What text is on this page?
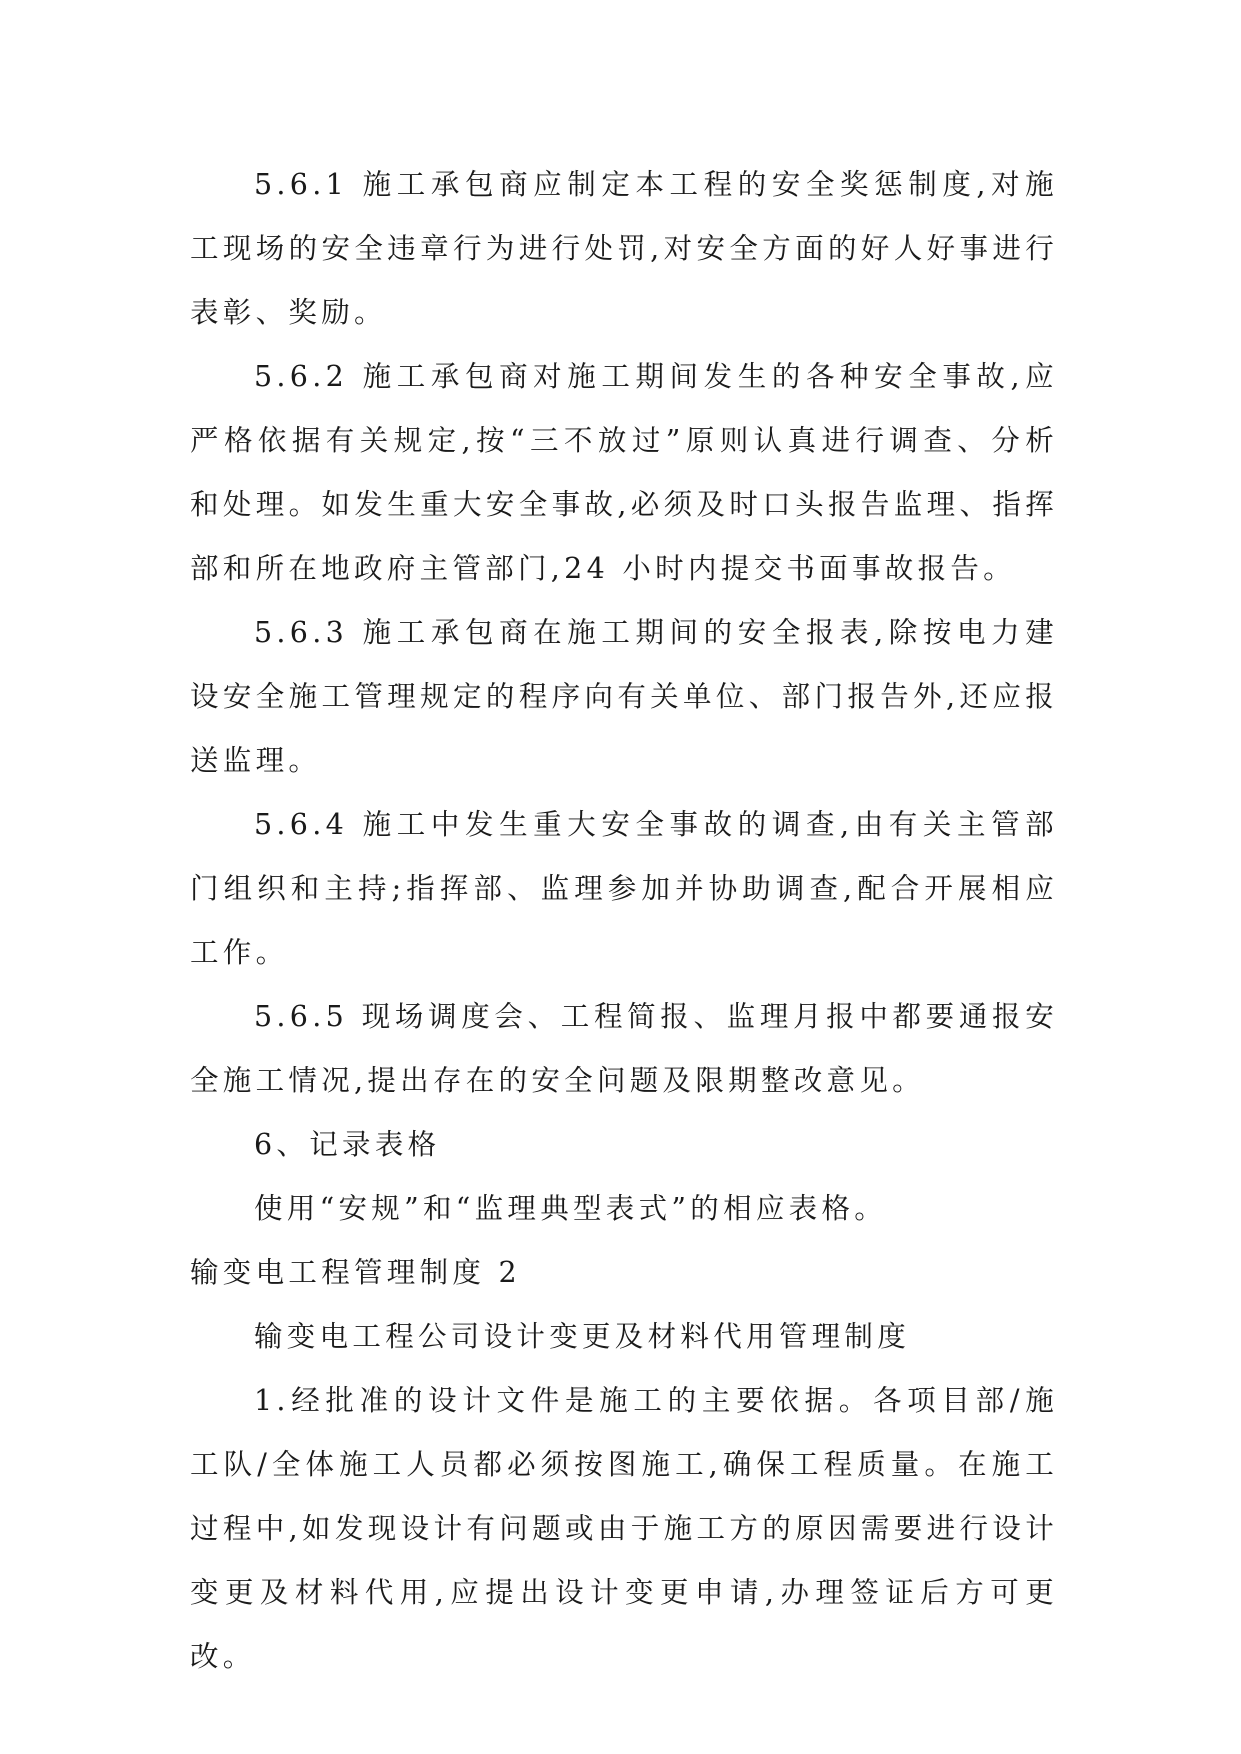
5.6.1 施工承包商应制定本工程的安全奖惩制度,对施工现场的安全违章行为进行处罚,对安全方面的好人好事进行表彰、奖励。

5.6.2 施工承包商对施工期间发生的各种安全事故,应严格依据有关规定,按“三不放过”原则认真进行调查、分析和处理。如发生重大安全事故,必须及时口头报告监理、指挥部和所在地政府主管部门,24 小时内提交书面事故报告。

5.6.3 施工承包商在施工期间的安全报表,除按电力建设安全施工管理规定的程序向有关单位、部门报告外,还应报送监理。

5.6.4 施工中发生重大安全事故的调查,由有关主管部门组织和主持;指挥部、监理参加并协助调查,配合开展相应工作。

5.6.5 现场调度会、工程简报、监理月报中都要通报安全施工情况,提出存在的安全问题及限期整改意见。

6、记录表格

使用“安规”和“监理典型表式”的相应表格。

输变电工程管理制度 2

输变电工程公司设计变更及材料代用管理制度

1.经批准的设计文件是施工的主要依据。各项目部/施工队/全体施工人员都必须按图施工,确保工程质量。在施工过程中,如发现设计有问题或由于施工方的原因需要进行设计变更及材料代用,应提出设计变更申请,办理签证后方可更改。
